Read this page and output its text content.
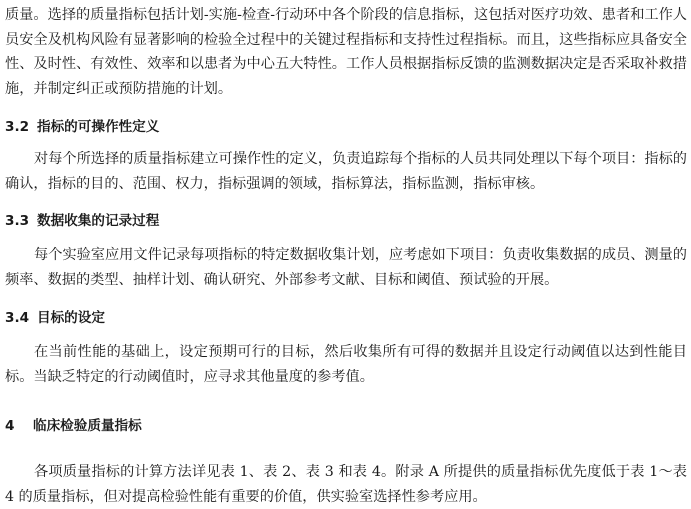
质量。选择的质量指标包括计划-实施-检查-行动环中各个阶段的信息指标，这包括对医疗功效、患者和工作人员安全及机构风险有显著影响的检验全过程中的关键过程指标和支持性过程指标。而且，这些指标应具备安全性、及时性、有效性、效率和以患者为中心五大特性。工作人员根据指标反馈的监测数据决定是否采取补救措施，并制定纠正或预防措施的计划。

3.2 指标的可操作性定义

对每个所选择的质量指标建立可操作性的定义，负责追踪每个指标的人员共同处理以下每个项目：指标的确认，指标的目的、范围、权力，指标强调的领域，指标算法，指标监测，指标审核。

3.3 数据收集的记录过程

每个实验室应用文件记录每项指标的特定数据收集计划，应考虑如下项目：负责收集数据的成员、测量的频率、数据的类型、抽样计划、确认研究、外部参考文献、目标和阈值、预试验的开展。

3.4 目标的设定

在当前性能的基础上，设定预期可行的目标，然后收集所有可得的数据并且设定行动阈值以达到性能目标。当缺乏特定的行动阈值时，应寻求其他量度的参考值。

4 临床检验质量指标

各项质量指标的计算方法详见表 1、表 2、表 3 和表 4。附录 A 所提供的质量指标优先度低于表 1～表 4 的质量指标，但对提高检验性能有重要的价值，供实验室选择性参考应用。
